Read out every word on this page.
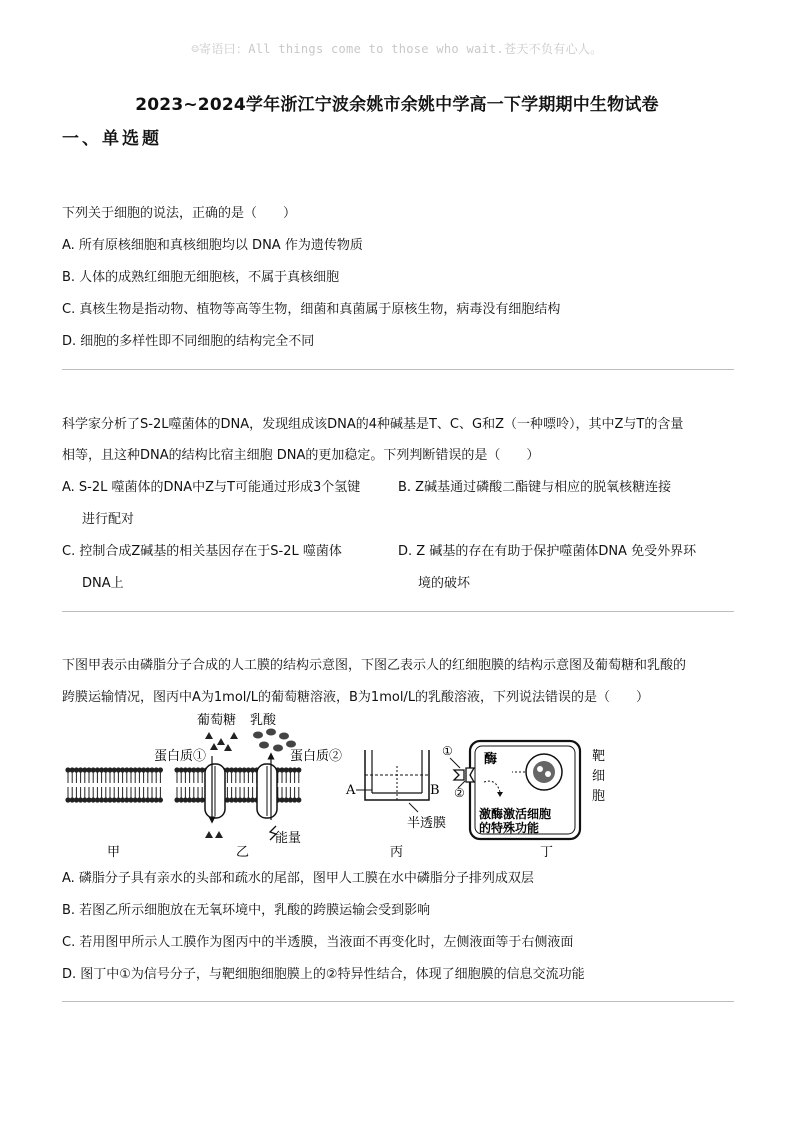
☺寄语曰：All things come to those who wait.苍天不负有心人。
2023~2024学年浙江宁波余姚市余姚中学高一下学期期中生物试卷
一、单选题
下列关于细胞的说法，正确的是（　　）
A. 所有原核细胞和真核细胞均以 DNA 作为遗传物质
B. 人体的成熟红细胞无细胞核，不属于真核细胞
C. 真核生物是指动物、植物等高等生物，细菌和真菌属于原核生物，病毒没有细胞结构
D. 细胞的多样性即不同细胞的结构完全不同
科学家分析了S-2L噬菌体的DNA，发现组成该DNA的4种碱基是T、C、G和Z（一种嘌呤），其中Z与T的含量
相等，且这种DNA的结构比宿主细胞 DNA的更加稳定。下列判断错误的是（　　）
A. S-2L 噬菌体的DNA中Z与T可能通过形成3个氢键
进行配对
B. Z碱基通过磷酸二酯键与相应的脱氧核糖连接
C. 控制合成Z碱基的相关基因存在于S-2L 噬菌体
DNA上
D. Z 碱基的存在有助于保护噬菌体DNA 免受外界环
境的破坏
下图甲表示由磷脂分子合成的人工膜的结构示意图，下图乙表示人的红细胞膜的结构示意图及葡萄糖和乳酸的
跨膜运输情况，图丙中A为1mol/L的葡萄糖溶液，B为1mol/L的乳酸溶液，下列说法错误的是（　　）
葡萄糖 乳酸
蛋白质①	蛋白质②
能量
A	B
半透膜
①
②
酶
激酶激活细胞
的特殊功能
靶
细
胞
甲	乙	丙	丁
A. 磷脂分子具有亲水的头部和疏水的尾部，图甲人工膜在水中磷脂分子排列成双层
B. 若图乙所示细胞放在无氧环境中，乳酸的跨膜运输会受到影响
C. 若用图甲所示人工膜作为图丙中的半透膜，当液面不再变化时，左侧液面等于右侧液面
D. 图丁中①为信号分子，与靶细胞细胞膜上的②特异性结合，体现了细胞膜的信息交流功能
